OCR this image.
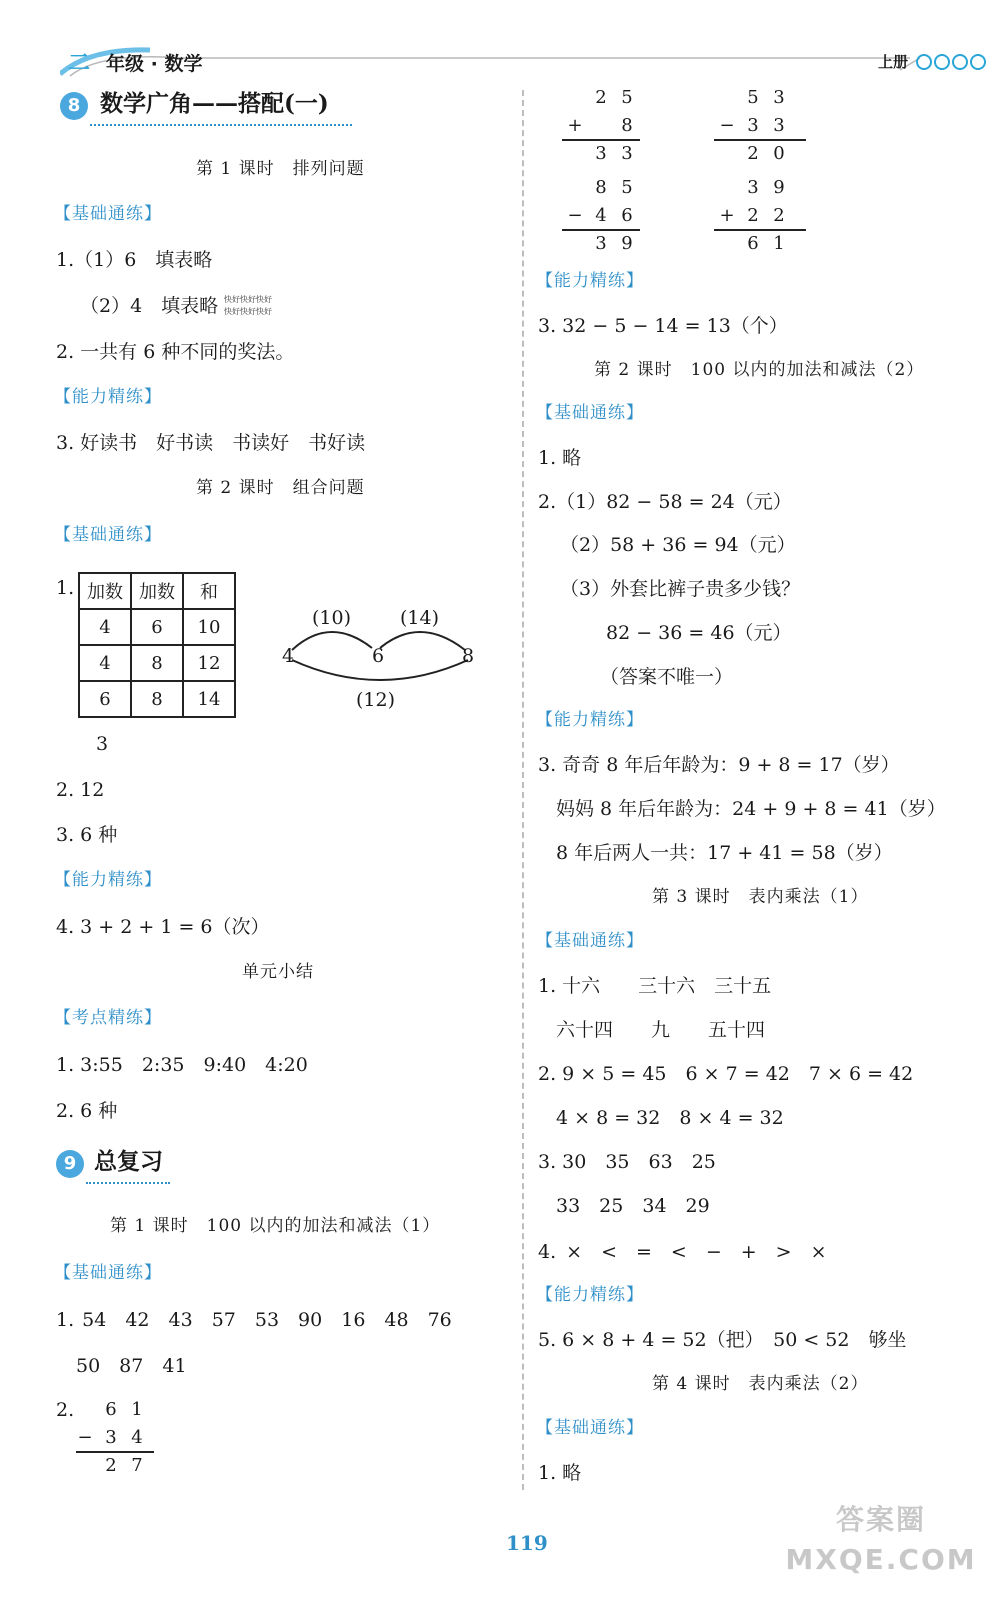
二 年级 · 数学	上册
8 数学广角——搭配(一)
第 1 课时　排列问题
【基础通练】
1.（1）6　填表略
（2）4　填表略 快好快好快好
快好快好快好
2. 一共有 6 种不同的奖法。
【能力精练】
3. 好读书　好书读　书读好　书好读
第 2 课时　组合问题
【基础通练】
1. 加数	加数	和
4	6	10
4	8	12
6	8	14
(10)	(14)
4	6	8
(12)
3
2. 12
3. 6 种
【能力精练】
4. 3 + 2 + 1 = 6（次）
单元小结
【考点精练】
1. 3:55　2:35　9:40　4:20
2. 6 种
9 总复习
第 1 课时　100 以内的加法和减法（1）
【基础通练】
1. 54　42　43　57　53　90　16　48　76
50　87　41
2.	6 1
− 3 4
2 7
2 5
+ 8
3 3
5 3
− 3 3
2 0
8 5
− 4 6
3 9
3 9
+ 2 2
6 1
【能力精练】
3. 32 − 5 − 14 = 13（个）
第 2 课时　100 以内的加法和减法（2）
【基础通练】
1. 略
2.（1）82 − 58 = 24（元）
（2）58 + 36 = 94（元）
（3）外套比裤子贵多少钱？
82 − 36 = 46（元）
（答案不唯一）
【能力精练】
3. 奇奇 8 年后年龄为：9 + 8 = 17（岁）
妈妈 8 年后年龄为：24 + 9 + 8 = 41（岁）
8 年后两人一共：17 + 41 = 58（岁）
第 3 课时　表内乘法（1）
【基础通练】
1. 十六　　三十六　三十五
六十四　　九　　五十四
2. 9 × 5 = 45　6 × 7 = 42　7 × 6 = 42
4 × 8 = 32　8 × 4 = 32
3. 30　35　63　25
33　25　34　29
4. ×　<　=　<　−　+　>　×
【能力精练】
5. 6 × 8 + 4 = 52（把）　50 < 52　够坐
第 4 课时　表内乘法（2）
【基础通练】
1. 略
119
答案圈 MXQE.COM
